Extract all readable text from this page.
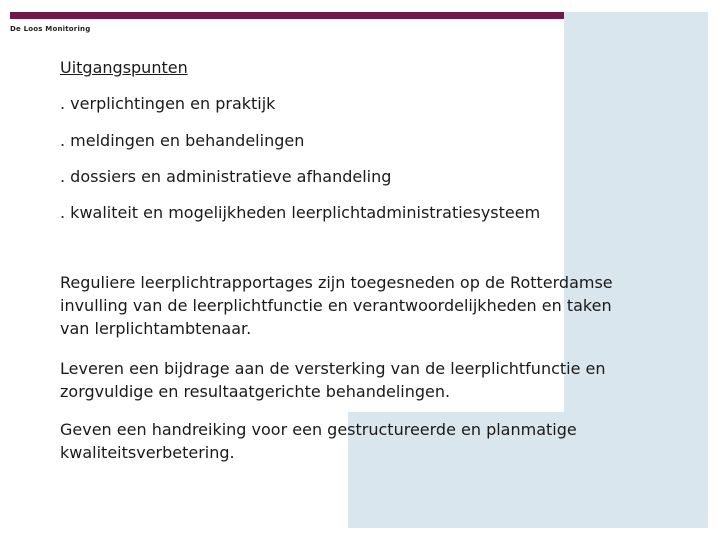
De Loos Monitoring
Uitgangspunten
. verplichtingen en praktijk
. meldingen en behandelingen
. dossiers en administratieve afhandeling
. kwaliteit en mogelijkheden leerplichtadministratiesysteem
Reguliere leerplichtrapportages zijn toegesneden op de Rotterdamse invulling van de leerplichtfunctie en verantwoordelijkheden en taken van lerplichtambtenaar.
Leveren een bijdrage aan de versterking van de leerplichtfunctie en zorgvuldige en resultaatgerichte behandelingen.
Geven een handreiking voor een gestructureerde en planmatige kwaliteitsverbetering.
